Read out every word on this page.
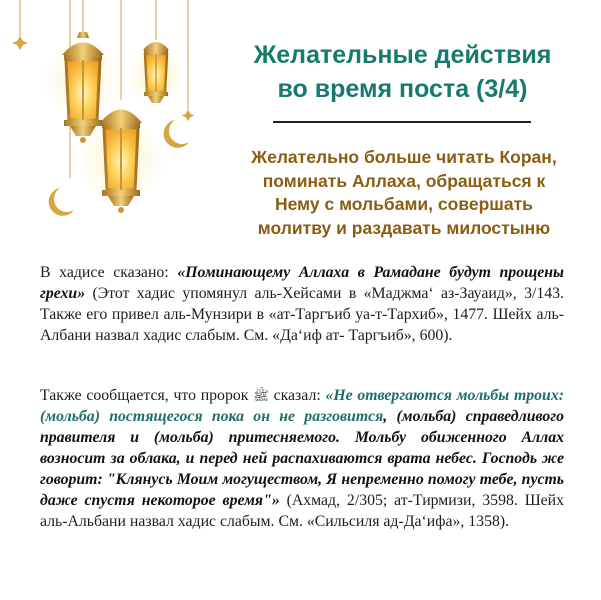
Желательные действия
во время поста (3/4)

Желательно больше читать Коран,
поминать Аллаха, обращаться к
Нему с мольбами, совершать
молитву и раздавать милостыню

В хадисе сказано: «Поминающему Аллаха в Рамадане будут прощены грехи» (Этот хадис упомянул аль-Хейсами в «Маджма‘ аз-Зауаид», 3/143. Также его привел аль-Мунзири в «ат-Таргъиб уа-т-Тархиб», 1477. Шейх аль-Албани назвал хадис слабым. См. «Да‘иф ат- Таргъиб», 600).

Также сообщается, что пророк ﷺ сказал: «Не отвергаются мольбы троих: (мольба) постящегося пока он не разговится, (мольба) справедливого правителя и (мольба) притесняемого. Мольбу обиженного Аллах возносит за облака, и перед ней распахиваются врата небес. Господь же говорит: "Клянусь Моим могуществом, Я непременно помогу тебе, пусть даже спустя некоторое время"» (Ахмад, 2/305; ат-Тирмизи, 3598. Шейх аль-Альбани назвал хадис слабым. См. «Сильсиля ад-Да‘ифа», 1358).
